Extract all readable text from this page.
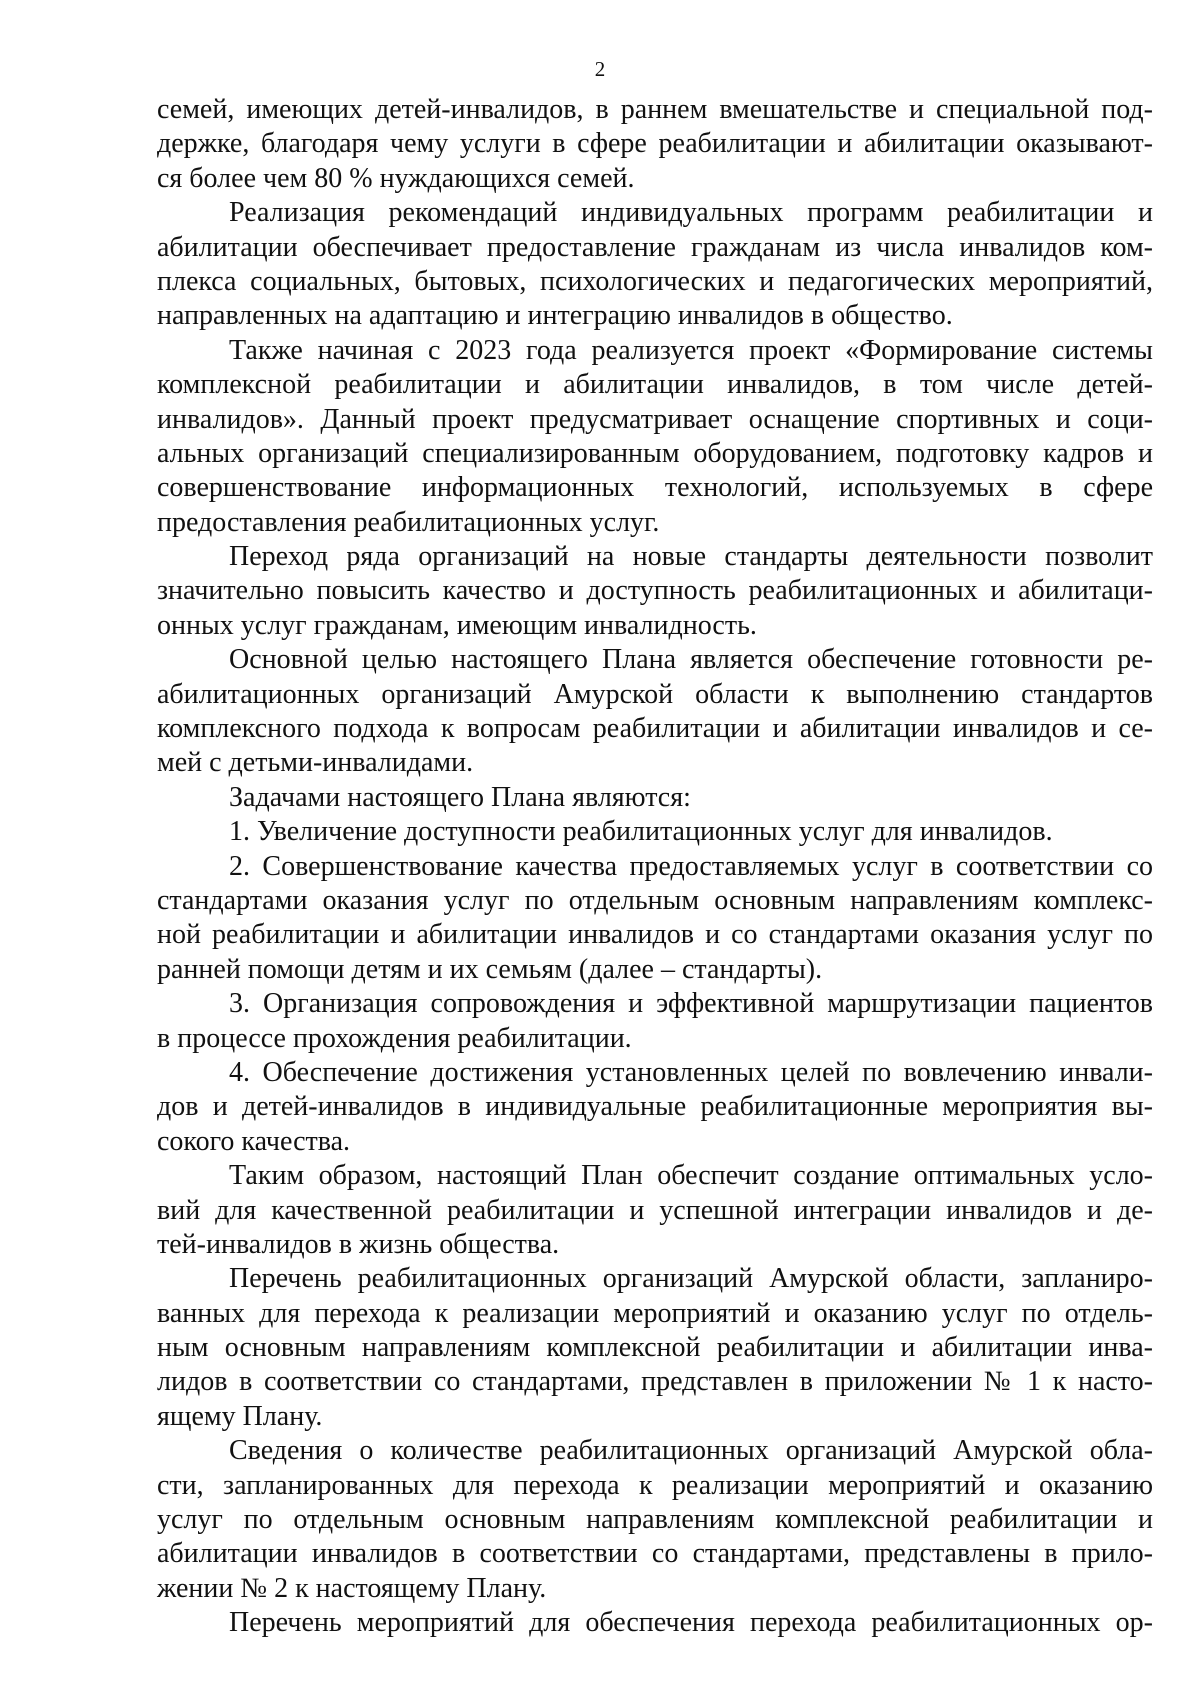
2
семей, имеющих детей-инвалидов, в раннем вмешательстве и специальной под-
держке, благодаря чему услуги в сфере реабилитации и абилитации оказывают-
ся более чем 80 % нуждающихся семей.
Реализация рекомендаций индивидуальных программ реабилитации и
абилитации обеспечивает предоставление гражданам из числа инвалидов ком-
плекса социальных, бытовых, психологических и педагогических мероприятий,
направленных на адаптацию и интеграцию инвалидов в общество.
Также начиная с 2023 года реализуется проект «Формирование системы
комплексной реабилитации и абилитации инвалидов, в том числе детей-
инвалидов». Данный проект предусматривает оснащение спортивных и соци-
альных организаций специализированным оборудованием, подготовку кадров и
совершенствование информационных технологий, используемых в сфере
предоставления реабилитационных услуг.
Переход ряда организаций на новые стандарты деятельности позволит
значительно повысить качество и доступность реабилитационных и абилитаци-
онных услуг гражданам, имеющим инвалидность.
Основной целью настоящего Плана является обеспечение готовности ре-
абилитационных организаций Амурской области к выполнению стандартов
комплексного подхода к вопросам реабилитации и абилитации инвалидов и се-
мей с детьми-инвалидами.
Задачами настоящего Плана являются:
1. Увеличение доступности реабилитационных услуг для инвалидов.
2. Совершенствование качества предоставляемых услуг в соответствии со
стандартами оказания услуг по отдельным основным направлениям комплекс-
ной реабилитации и абилитации инвалидов и со стандартами оказания услуг по
ранней помощи детям и их семьям (далее – стандарты).
3. Организация сопровождения и эффективной маршрутизации пациентов
в процессе прохождения реабилитации.
4. Обеспечение достижения установленных целей по вовлечению инвали-
дов и детей-инвалидов в индивидуальные реабилитационные мероприятия вы-
сокого качества.
Таким образом, настоящий План обеспечит создание оптимальных усло-
вий для качественной реабилитации и успешной интеграции инвалидов и де-
тей-инвалидов в жизнь общества.
Перечень реабилитационных организаций Амурской области, запланиро-
ванных для перехода к реализации мероприятий и оказанию услуг по отдель-
ным основным направлениям комплексной реабилитации и абилитации инва-
лидов в соответствии со стандартами, представлен в приложении № 1 к насто-
ящему Плану.
Сведения о количестве реабилитационных организаций Амурской обла-
сти, запланированных для перехода к реализации мероприятий и оказанию
услуг по отдельным основным направлениям комплексной реабилитации и
абилитации инвалидов в соответствии со стандартами, представлены в прило-
жении № 2 к настоящему Плану.
Перечень мероприятий для обеспечения перехода реабилитационных ор-
